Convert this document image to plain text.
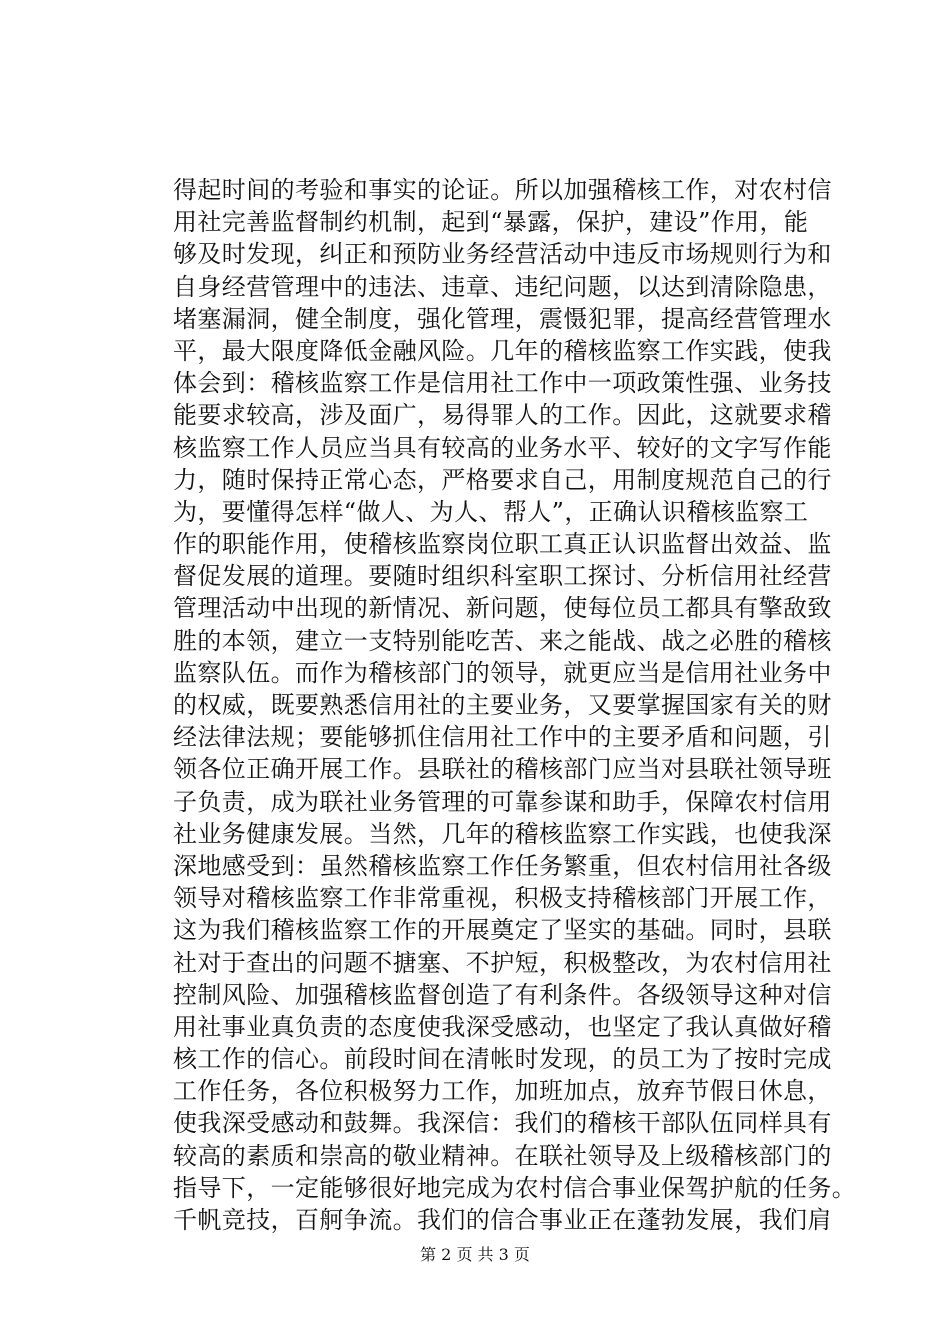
得起时间的考验和事实的论证。所以加强稽核工作，对农村信
用社完善监督制约机制，起到“暴露，保护，建设”作用，能
够及时发现，纠正和预防业务经营活动中违反市场规则行为和
自身经营管理中的违法、违章、违纪问题，以达到清除隐患，
堵塞漏洞，健全制度，强化管理，震慑犯罪，提高经营管理水
平，最大限度降低金融风险。几年的稽核监察工作实践，使我
体会到：稽核监察工作是信用社工作中一项政策性强、业务技
能要求较高，涉及面广，易得罪人的工作。因此，这就要求稽
核监察工作人员应当具有较高的业务水平、较好的文字写作能
力，随时保持正常心态，严格要求自己，用制度规范自己的行
为，要懂得怎样“做人、为人、帮人”，正确认识稽核监察工
作的职能作用，使稽核监察岗位职工真正认识监督出效益、监
督促发展的道理。要随时组织科室职工探讨、分析信用社经营
管理活动中出现的新情况、新问题，使每位员工都具有擎敌致
胜的本领，建立一支特别能吃苦、来之能战、战之必胜的稽核
监察队伍。而作为稽核部门的领导，就更应当是信用社业务中
的权威，既要熟悉信用社的主要业务，又要掌握国家有关的财
经法律法规；要能够抓住信用社工作中的主要矛盾和问题，引
领各位正确开展工作。县联社的稽核部门应当对县联社领导班
子负责，成为联社业务管理的可靠参谋和助手，保障农村信用
社业务健康发展。当然，几年的稽核监察工作实践，也使我深
深地感受到：虽然稽核监察工作任务繁重，但农村信用社各级
领导对稽核监察工作非常重视，积极支持稽核部门开展工作，
这为我们稽核监察工作的开展奠定了坚实的基础。同时，县联
社对于查出的问题不搪塞、不护短，积极整改，为农村信用社
控制风险、加强稽核监督创造了有利条件。各级领导这种对信
用社事业真负责的态度使我深受感动，也坚定了我认真做好稽
核工作的信心。前段时间在清帐时发现，的员工为了按时完成
工作任务，各位积极努力工作，加班加点，放弃节假日休息，
使我深受感动和鼓舞。我深信：我们的稽核干部队伍同样具有
较高的素质和崇高的敬业精神。在联社领导及上级稽核部门的
指导下，一定能够很好地完成为农村信合事业保驾护航的任务。
千帆竞技，百舸争流。我们的信合事业正在蓬勃发展，我们肩
第 2 页 共 3 页
